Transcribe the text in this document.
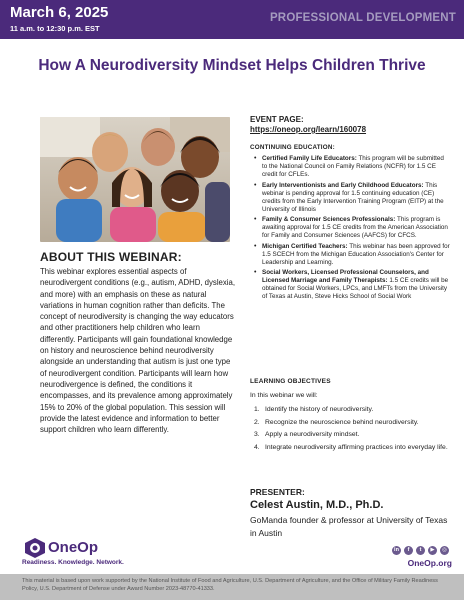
March 6, 2025
11 a.m. to 12:30 p.m. EST
PROFESSIONAL DEVELOPMENT
How A Neurodiversity Mindset Helps Children Thrive
ABOUT THIS WEBINAR:
This webinar explores essential aspects of neurodivergent conditions (e.g., autism, ADHD, dyslexia, and more) with an emphasis on these as natural variations in human cognition rather than deficits. The concept of neurodiversity is changing the way educators and other practitioners help children who learn differently. Participants will gain foundational knowledge on history and neuroscience behind neurodiversity alongside an understanding that autism is just one type of neurodivergent condition. Participants will learn how neurodivergence is defined, the conditions it encompasses, and its prevalence among approximately 15% to 20% of the global population. This session will provide the latest evidence and information to better support children who learn differently.
EVENT PAGE:
https://oneop.org/learn/160078
CONTINUING EDUCATION:
• Certified Family Life Educators: This program will be submitted to the National Council on Family Relations (NCFR) for 1.5 CE credit for CFLEs.
• Early Interventionists and Early Childhood Educators: This webinar is pending approval for 1.5 continuing education (CE) credits from the Early Intervention Training Program (EITP) at the University of Illinois
• Family & Consumer Sciences Professionals: This program is awaiting approval for 1.5 CE credits from the American Association for Family and Consumer Sciences (AAFCS) for CFCS.
• Michigan Certified Teachers: This webinar has been approved for 1.5 SCECH from the Michigan Education Association's Center for Leadership and Learning.
• Social Workers, Licensed Professional Counselors, and Licensed Marriage and Family Therapists: 1.5 CE credits will be obtained for Social Workers, LPCs, and LMFTs from the University of Texas at Austin, Steve Hicks School of Social Work
LEARNING OBJECTIVES
In this webinar we will:
1. Identify the history of neurodiversity.
2. Recognize the neuroscience behind neurodiversity.
3. Apply a neurodiversity mindset.
4. Integrate neurodiversity affirming practices into everyday life.
PRESENTER:
Celest Austin, M.D., Ph.D.
GoManda founder & professor at University of Texas in Austin
OneOp
Readiness. Knowledge. Network.
in	f	t	▶	◎
OneOp.org
This material is based upon work supported by the National Institute of Food and Agriculture, U.S. Department of Agriculture, and the Office of Military Family Readiness Policy, U.S. Department of Defense under Award Number 2023-48770-41333.
